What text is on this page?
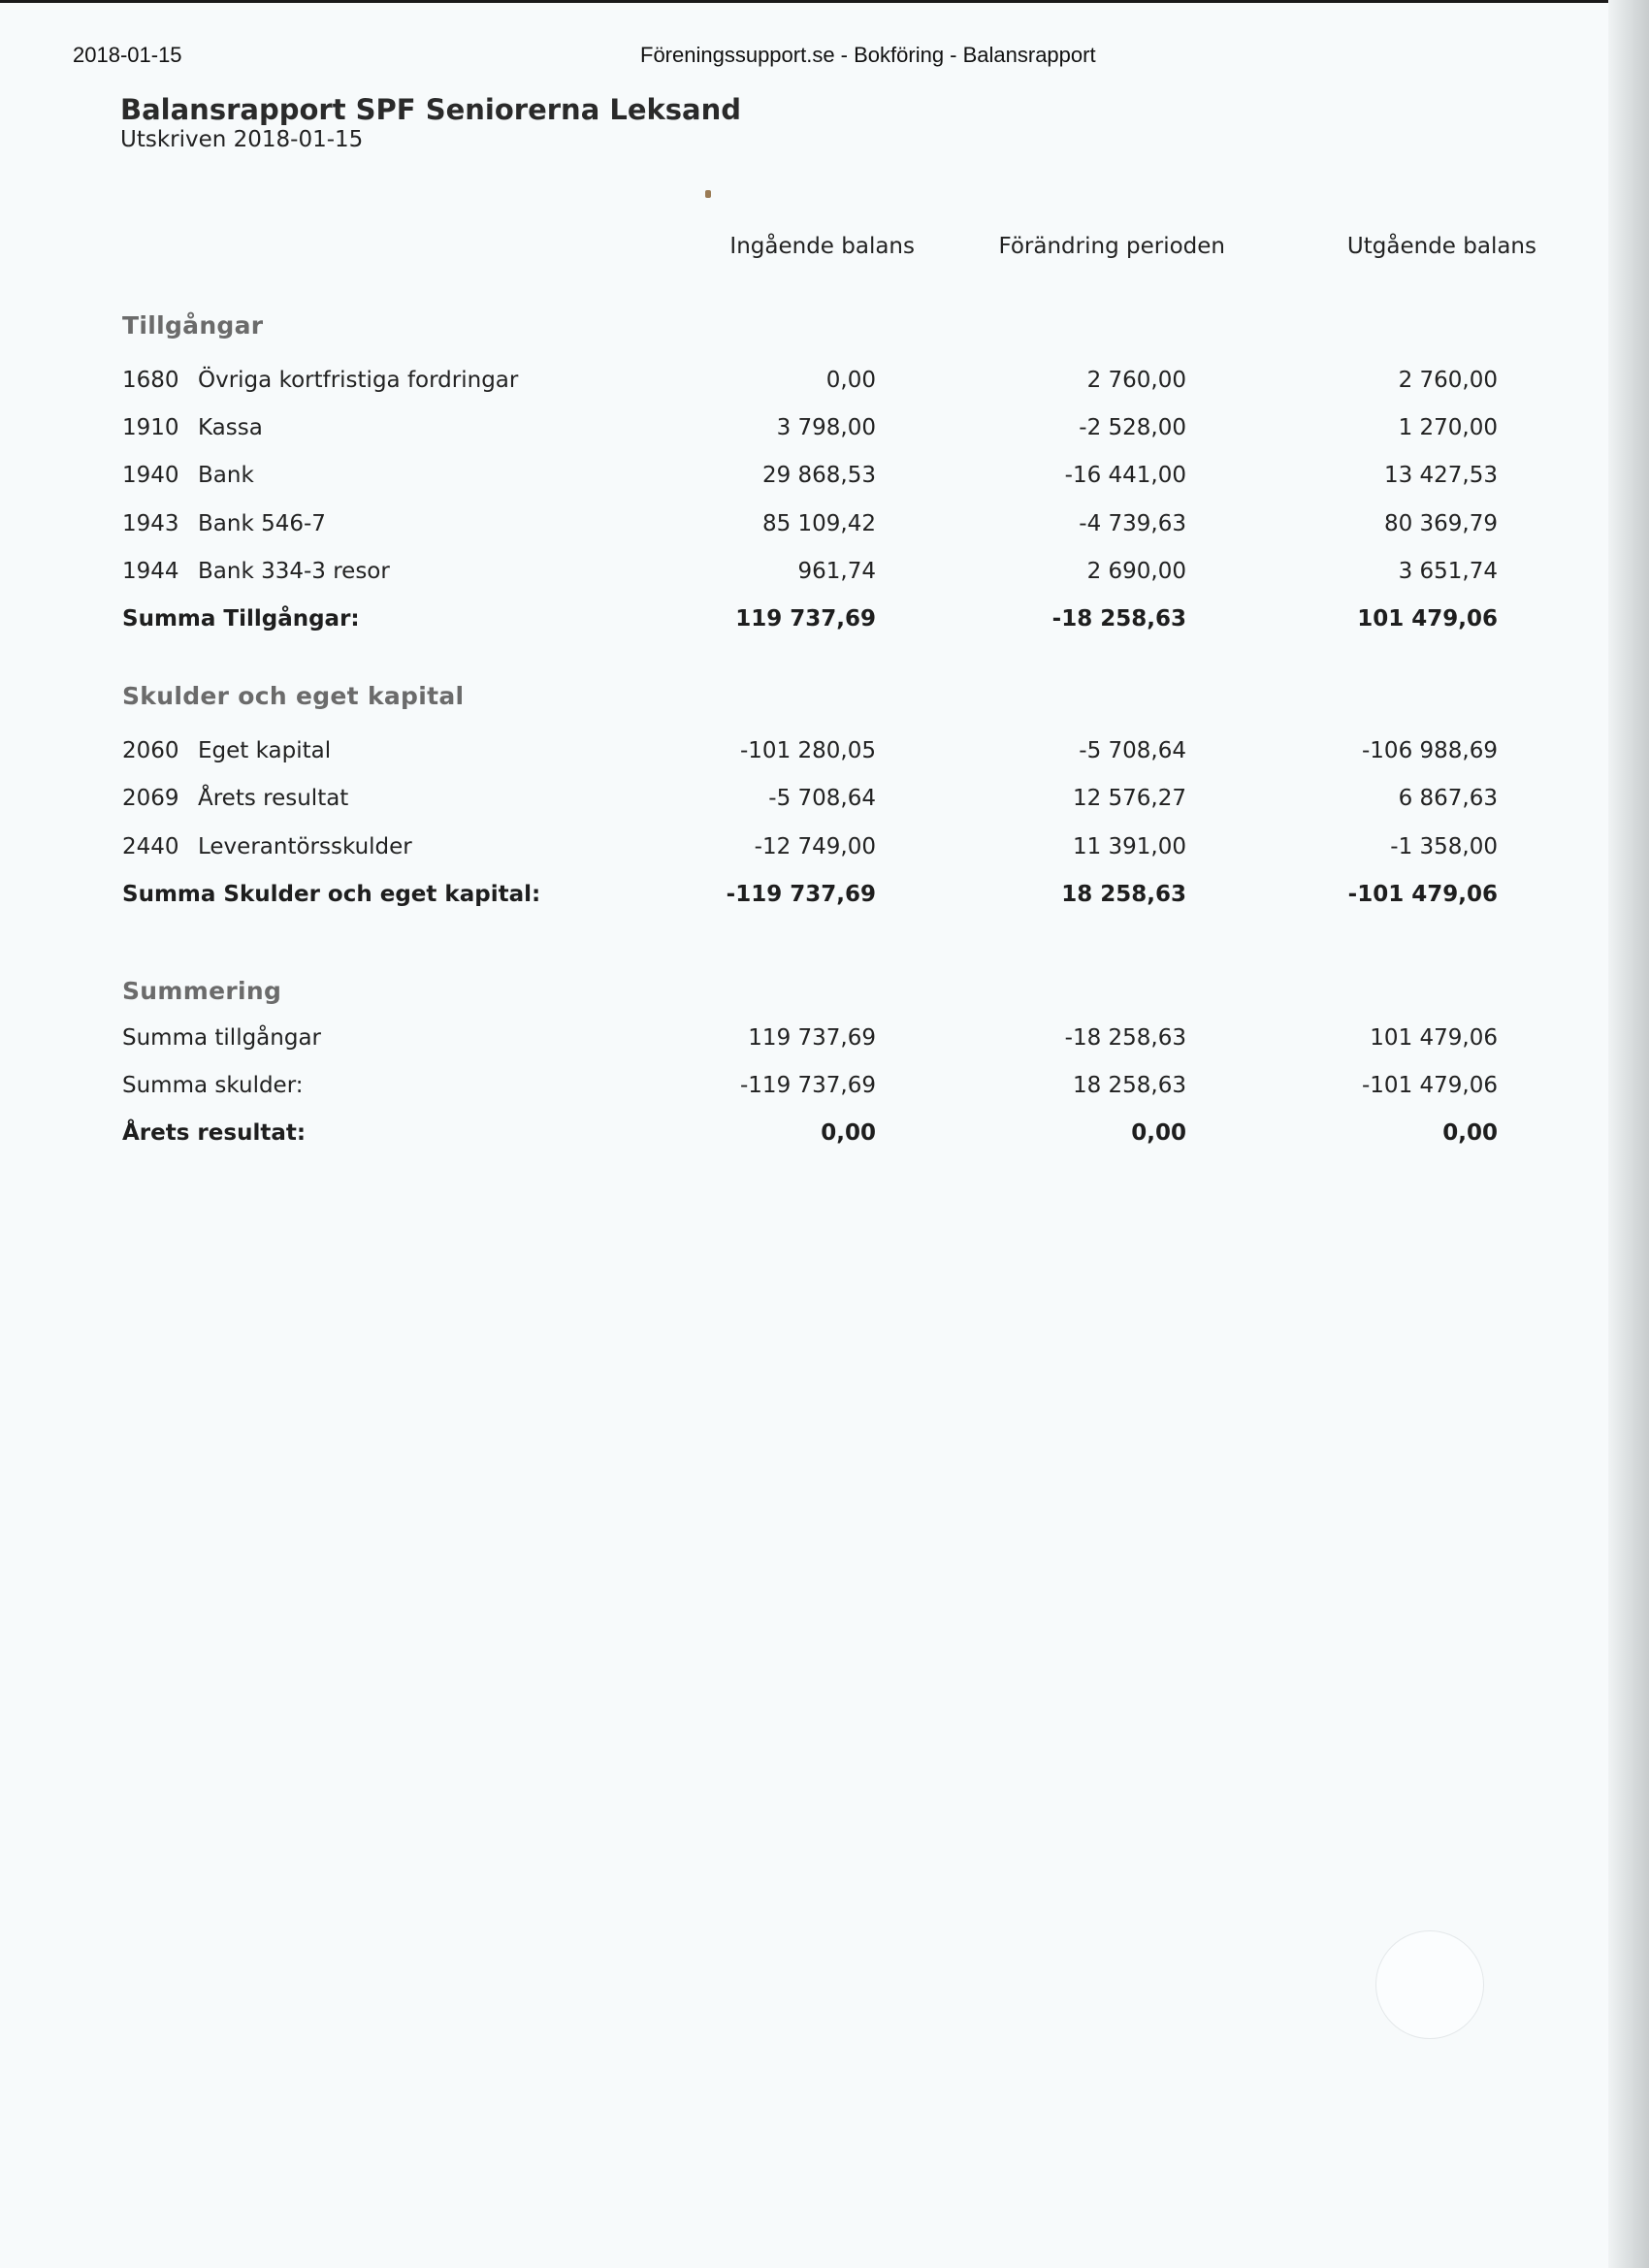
2018-01-15	Föreningssupport.se - Bokföring - Balansrapport
Balansrapport SPF Seniorerna Leksand
Utskriven 2018-01-15
Ingående balans	Förändring perioden	Utgående balans
Tillgångar
1680 Övriga kortfristiga fordringar	0,00	2 760,00	2 760,00
1910 Kassa	3 798,00	-2 528,00	1 270,00
1940 Bank	29 868,53	-16 441,00	13 427,53
1943 Bank 546-7	85 109,42	-4 739,63	80 369,79
1944 Bank 334-3 resor	961,74	2 690,00	3 651,74
Summa Tillgångar:	119 737,69	-18 258,63	101 479,06
Skulder och eget kapital
2060 Eget kapital	-101 280,05	-5 708,64	-106 988,69
2069 Årets resultat	-5 708,64	12 576,27	6 867,63
2440 Leverantörsskulder	-12 749,00	11 391,00	-1 358,00
Summa Skulder och eget kapital:	-119 737,69	18 258,63	-101 479,06
Summering
Summa tillgångar	119 737,69	-18 258,63	101 479,06
Summa skulder:	-119 737,69	18 258,63	-101 479,06
Årets resultat:	0,00	0,00	0,00
